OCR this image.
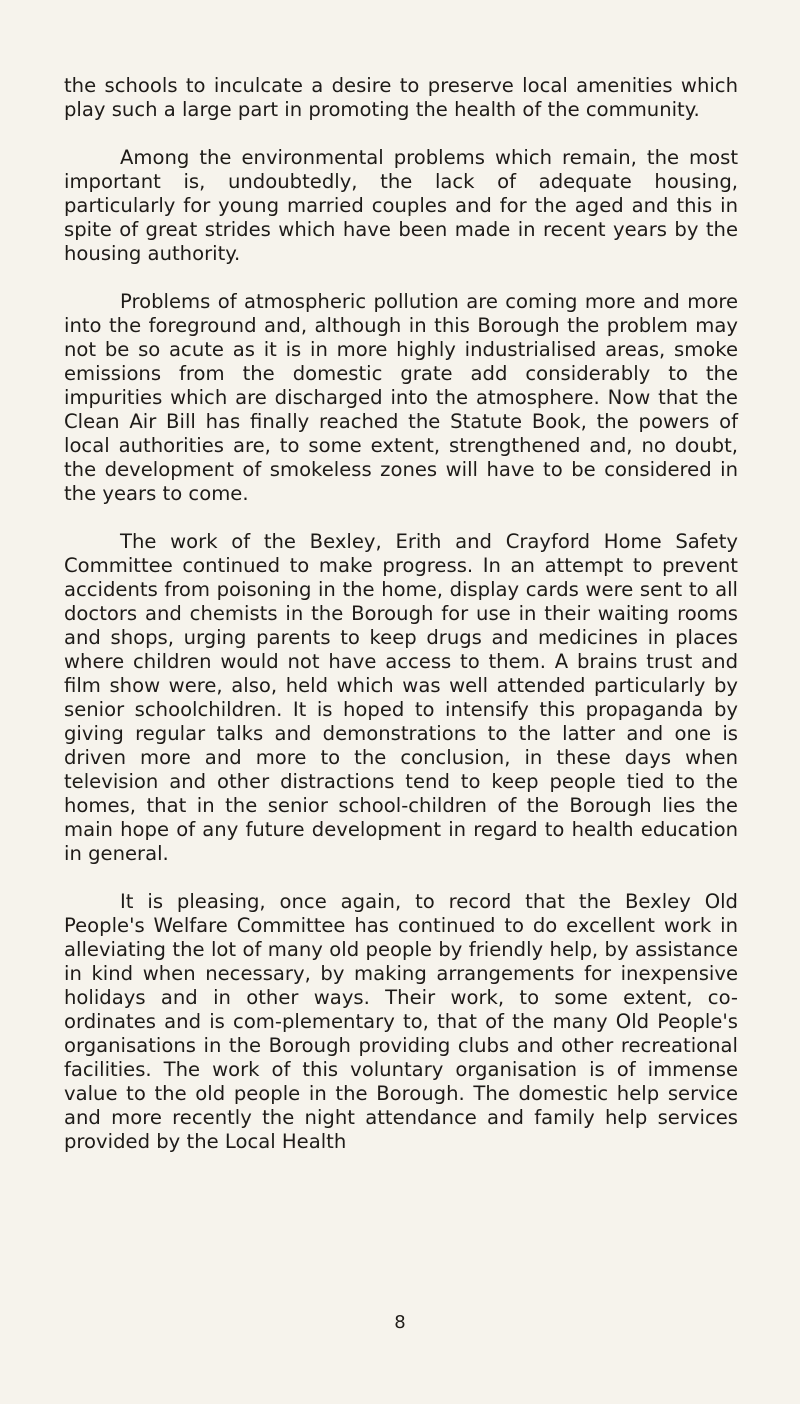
the schools to inculcate a desire to preserve local amenities which play such a large part in promoting the health of the community.

Among the environmental problems which remain, the most important is, undoubtedly, the lack of adequate housing, particularly for young married couples and for the aged and this in spite of great strides which have been made in recent years by the housing authority.

Problems of atmospheric pollution are coming more and more into the foreground and, although in this Borough the problem may not be so acute as it is in more highly industrialised areas, smoke emissions from the domestic grate add considerably to the impurities which are discharged into the atmosphere. Now that the Clean Air Bill has finally reached the Statute Book, the powers of local authorities are, to some extent, strengthened and, no doubt, the development of smokeless zones will have to be considered in the years to come.

The work of the Bexley, Erith and Crayford Home Safety Committee continued to make progress. In an attempt to prevent accidents from poisoning in the home, display cards were sent to all doctors and chemists in the Borough for use in their waiting rooms and shops, urging parents to keep drugs and medicines in places where children would not have access to them. A brains trust and film show were, also, held which was well attended particularly by senior schoolchildren. It is hoped to intensify this propaganda by giving regular talks and demonstrations to the latter and one is driven more and more to the conclusion, in these days when television and other distractions tend to keep people tied to the homes, that in the senior school-children of the Borough lies the main hope of any future development in regard to health education in general.

It is pleasing, once again, to record that the Bexley Old People's Welfare Committee has continued to do excellent work in alleviating the lot of many old people by friendly help, by assistance in kind when necessary, by making arrangements for inexpensive holidays and in other ways. Their work, to some extent, co-ordinates and is com-plementary to, that of the many Old People's organisations in the Borough providing clubs and other recreational facilities. The work of this voluntary organisation is of immense value to the old people in the Borough. The domestic help service and more recently the night attendance and family help services provided by the Local Health

8
